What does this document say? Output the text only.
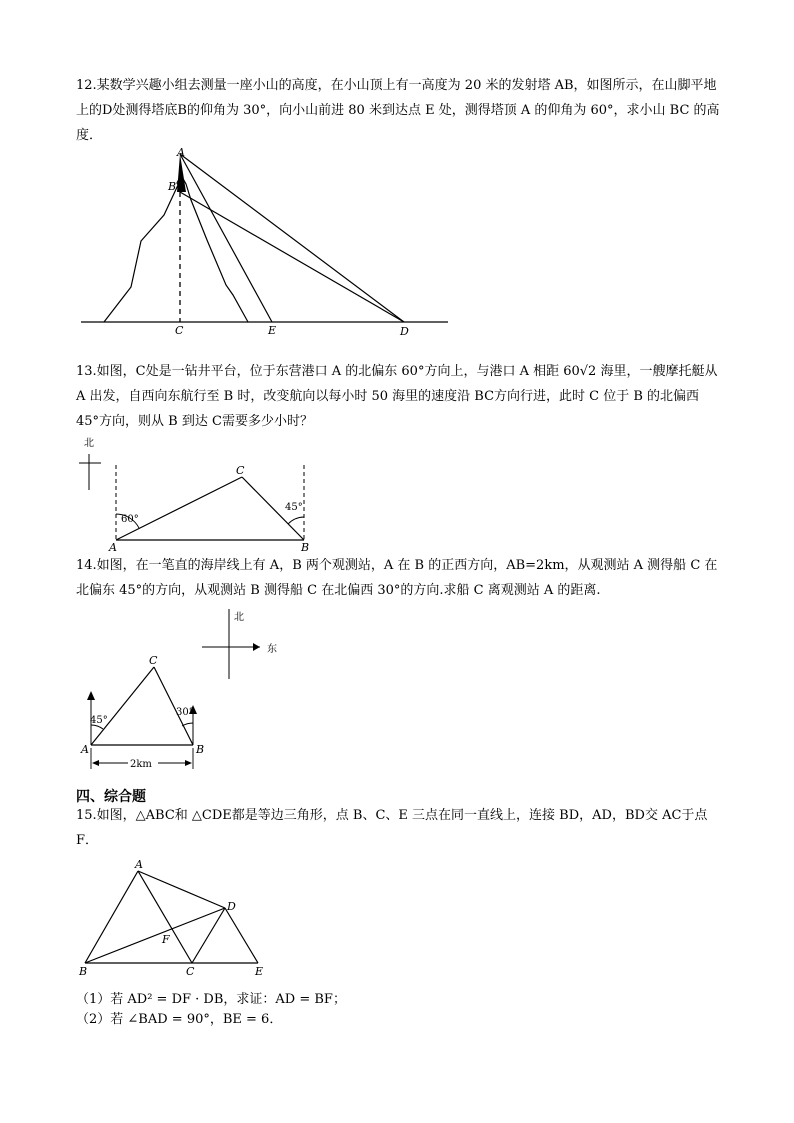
12.某数学兴趣小组去测量一座小山的高度，在小山顶上有一高度为 20 米的发射塔 AB，如图所示，在山脚平地上的D处测得塔底B的仰角为 30°，向小山前进 80 米到达点 E 处，测得塔顶 A 的仰角为 60°，求小山 BC 的高度．
A
B
C	E	D
13.如图，C处是一钻井平台，位于东营港口 A 的北偏东 60°方向上，与港口 A 相距 60√2 海里，一艘摩托艇从 A 出发，自西向东航行至 B 时，改变航向以每小时 50 海里的速度沿 BC方向行进，此时 C 位于 B 的北偏西 45°方向，则从 B 到达 C需要多少小时？
北
60°
45°
A	B
C
14.如图，在一笔直的海岸线上有 A，B 两个观测站，A 在 B 的正西方向，AB=2km，从观测站 A 测得船 C 在北偏东 45°的方向，从观测站 B 测得船 C 在北偏西 30°的方向.求船 C 离观测站 A 的距离.
北
东
45°
30°
A	B
C
2km
四、综合题
15.如图，△ABC和 △CDE都是等边三角形，点 B、C、E 三点在同一直线上，连接 BD，AD，BD交 AC于点 F．
A
B	C
D
E
F
（1）若 AD² = DF · DB，求证：AD = BF；
（2）若 ∠BAD = 90°，BE = 6．
